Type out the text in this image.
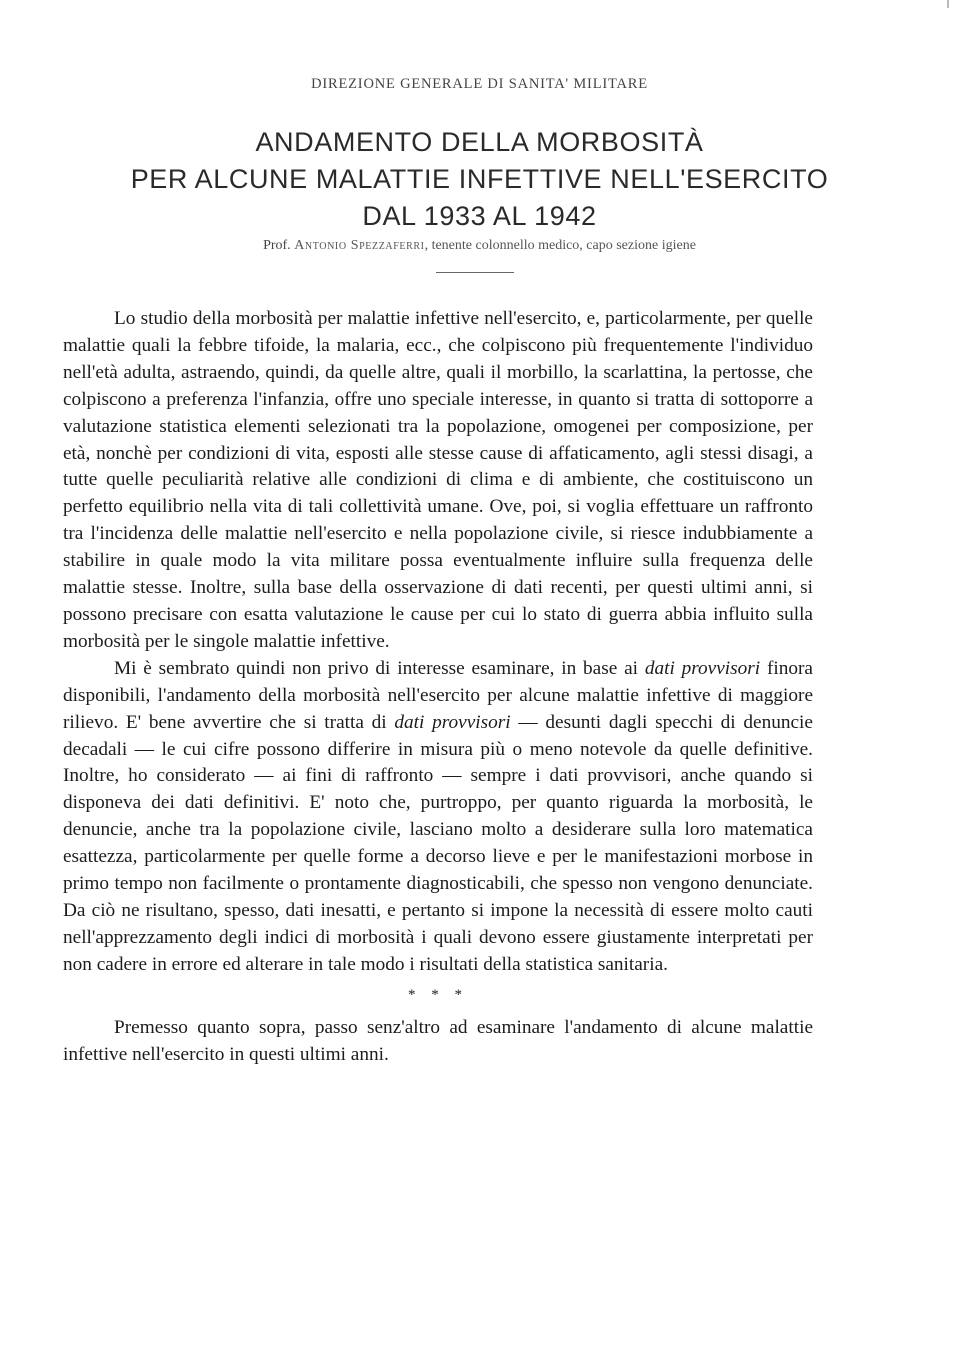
DIREZIONE GENERALE DI SANITA' MILITARE
ANDAMENTO DELLA MORBOSITÀ
PER ALCUNE MALATTIE INFETTIVE NELL'ESERCITO
DAL 1933 AL 1942
Prof. Antonio Spezzaferri, tenente colonnello medico, capo sezione igiene

Lo studio della morbosità per malattie infettive nell'esercito, e, particolarmente, per quelle malattie quali la febbre tifoide, la malaria, ecc., che colpiscono più frequentemente l'individuo nell'età adulta, astraendo, quindi, da quelle altre, quali il morbillo, la scarlattina, la pertosse, che colpiscono a preferenza l'infanzia, offre uno speciale interesse, in quanto si tratta di sottoporre a valutazione statistica elementi selezionati tra la popolazione, omogenei per composizione, per età, nonchè per condizioni di vita, esposti alle stesse cause di affaticamento, agli stessi disagi, a tutte quelle peculiarità relative alle condizioni di clima e di ambiente, che costituiscono un perfetto equilibrio nella vita di tali collettività umane. Ove, poi, si voglia effettuare un raffronto tra l'incidenza delle malattie nell'esercito e nella popolazione civile, si riesce indubbiamente a stabilire in quale modo la vita militare possa eventualmente influire sulla frequenza delle malattie stesse. Inoltre, sulla base della osservazione di dati recenti, per questi ultimi anni, si possono precisare con esatta valutazione le cause per cui lo stato di guerra abbia influito sulla morbosità per le singole malattie infettive.

Mi è sembrato quindi non privo di interesse esaminare, in base ai dati provvisori finora disponibili, l'andamento della morbosità nell'esercito per alcune malattie infettive di maggiore rilievo. E' bene avvertire che si tratta di dati provvisori — desunti dagli specchi di denuncie decadali — le cui cifre possono differire in misura più o meno notevole da quelle definitive. Inoltre, ho considerato — ai fini di raffronto — sempre i dati provvisori, anche quando si disponeva dei dati definitivi. E' noto che, purtroppo, per quanto riguarda la morbosità, le denuncie, anche tra la popolazione civile, lasciano molto a desiderare sulla loro matematica esattezza, particolarmente per quelle forme a decorso lieve e per le manifestazioni morbose in primo tempo non facilmente o prontamente diagnosticabili, che spesso non vengono denunciate. Da ciò ne risultano, spesso, dati inesatti, e pertanto si impone la necessità di essere molto cauti nell'apprezzamento degli indici di morbosità i quali devono essere giustamente interpretati per non cadere in errore ed alterare in tale modo i risultati della statistica sanitaria.

* * *

Premesso quanto sopra, passo senz'altro ad esaminare l'andamento di alcune malattie infettive nell'esercito in questi ultimi anni.
